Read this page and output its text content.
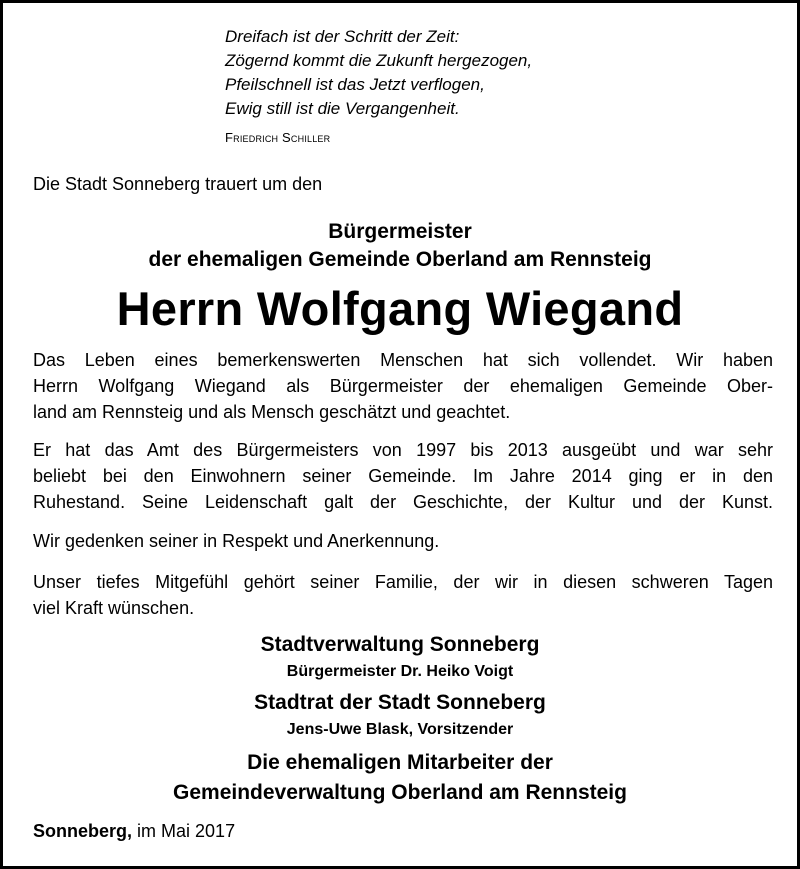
Dreifach ist der Schritt der Zeit:
Zögernd kommt die Zukunft hergezogen,
Pfeilschnell ist das Jetzt verflogen,
Ewig still ist die Vergangenheit.
Friedrich Schiller
Die Stadt Sonneberg trauert um den
Bürgermeister
der ehemaligen Gemeinde Oberland am Rennsteig
Herrn Wolfgang Wiegand
Das Leben eines bemerkenswerten Menschen hat sich vollendet. Wir haben
Herrn Wolfgang Wiegand als Bürgermeister der ehemaligen Gemeinde Ober-
land am Rennsteig und als Mensch geschätzt und geachtet.
Er hat das Amt des Bürgermeisters von 1997 bis 2013 ausgeübt und war sehr
beliebt bei den Einwohnern seiner Gemeinde. Im Jahre 2014 ging er in den
Ruhestand. Seine Leidenschaft galt der Geschichte, der Kultur und der Kunst.
Wir gedenken seiner in Respekt und Anerkennung.
Unser tiefes Mitgefühl gehört seiner Familie, der wir in diesen schweren Tagen
viel Kraft wünschen.
Stadtverwaltung Sonneberg
Bürgermeister Dr. Heiko Voigt
Stadtrat der Stadt Sonneberg
Jens-Uwe Blask, Vorsitzender
Die ehemaligen Mitarbeiter der
Gemeindeverwaltung Oberland am Rennsteig
Sonneberg, im Mai 2017
